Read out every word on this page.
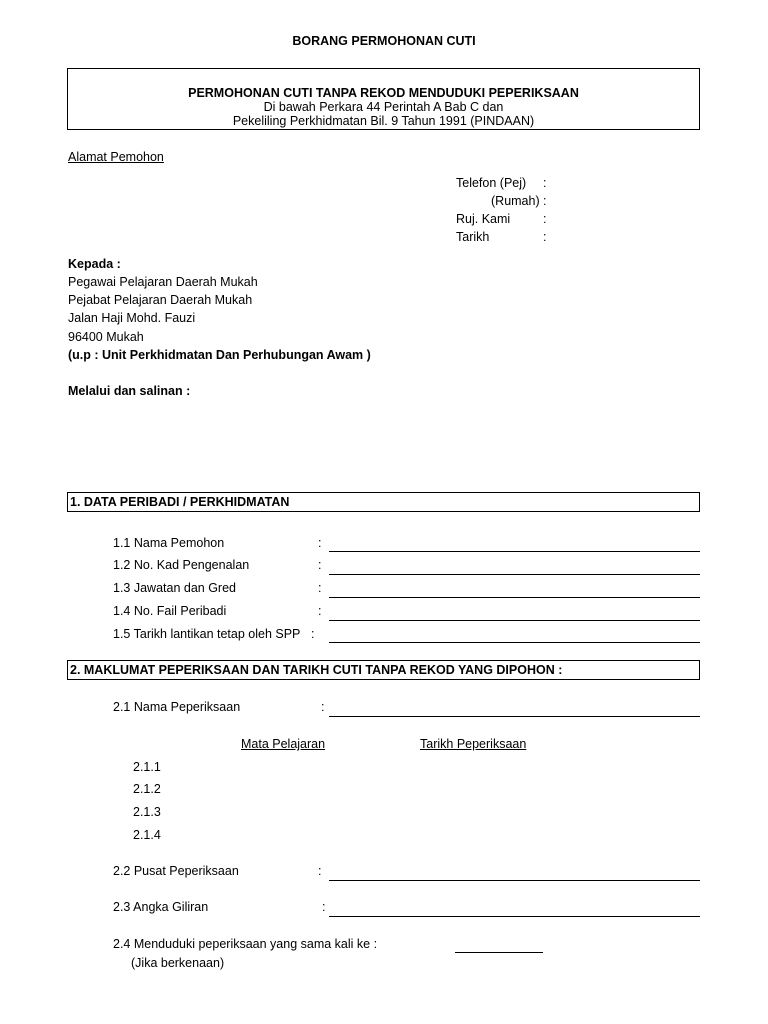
BORANG PERMOHONAN CUTI
PERMOHONAN CUTI TANPA REKOD MENDUDUKI PEPERIKSAAN
Di bawah Perkara 44 Perintah A Bab C dan
Pekeliling Perkhidmatan Bil. 9 Tahun 1991 (PINDAAN)
Alamat Pemohon
Telefon (Pej) :
(Rumah) :
Ruj. Kami	:
Tarikh	:
Kepada :
Pegawai Pelajaran Daerah Mukah
Pejabat Pelajaran Daerah Mukah
Jalan Haji Mohd. Fauzi
96400 Mukah
(u.p : Unit Perkhidmatan Dan Perhubungan Awam )
Melalui dan salinan :
1. DATA PERIBADI / PERKHIDMATAN
1.1 Nama Pemohon	:
1.2 No. Kad Pengenalan	:
1.3 Jawatan dan Gred	:
1.4 No. Fail Peribadi	:
1.5 Tarikh lantikan tetap oleh SPP :
2. MAKLUMAT PEPERIKSAAN DAN TARIKH CUTI TANPA REKOD YANG DIPOHON :
2.1 Nama Peperiksaan	:
Mata Pelajaran	Tarikh Peperiksaan
2.1.1
2.1.2
2.1.3
2.1.4
2.2 Pusat Peperiksaan	:
2.3 Angka Giliran	:
2.4 Menduduki peperiksaan yang sama kali ke :
(Jika berkenaan)
